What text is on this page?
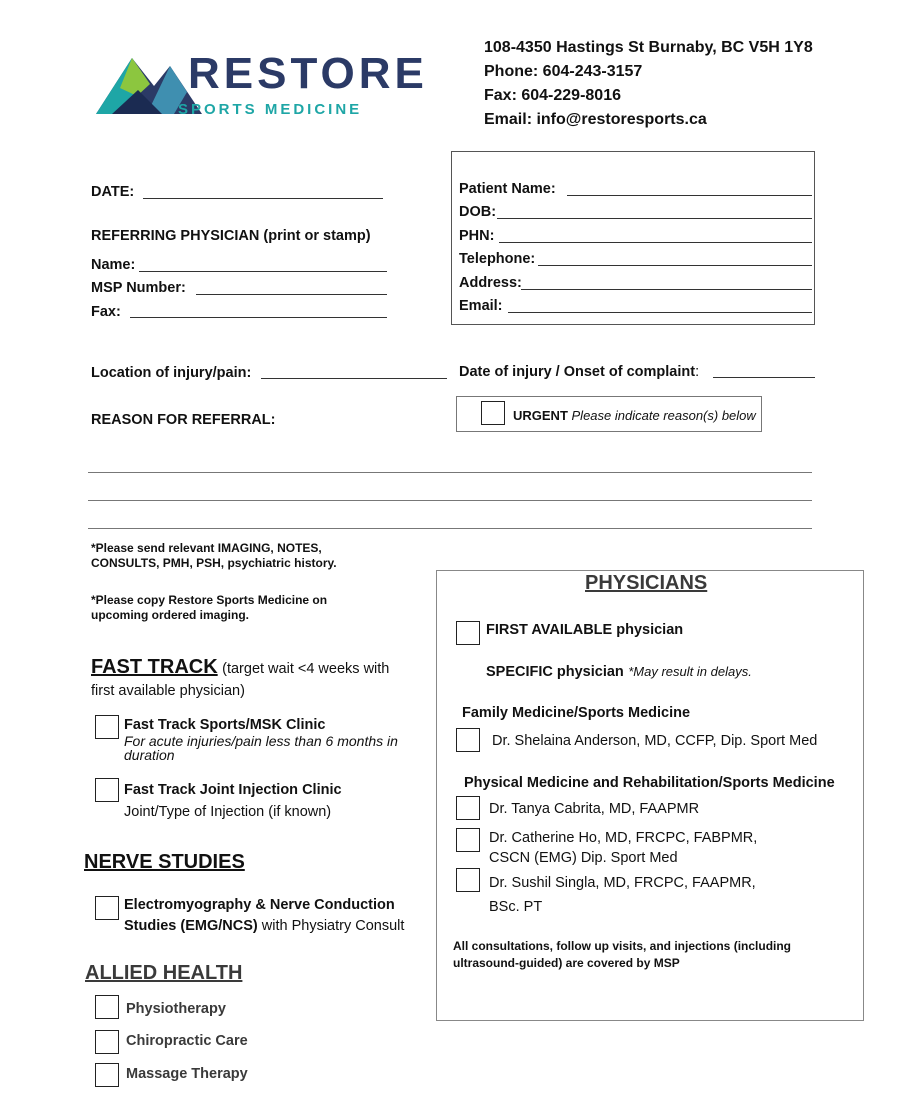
RESTORE
SPORTS MEDICINE
108-4350 Hastings St Burnaby, BC V5H 1Y8
Phone: 604-243-3157
Fax: 604-229-8016
Email: info@restoresports.ca
DATE:
REFERRING PHYSICIAN (print or stamp)
Name:
MSP Number:
Fax:
Patient Name:
DOB:
PHN:
Telephone:
Address:
Email:
Location of injury/pain:	Date of injury / Onset of complaint:
REASON FOR REFERRAL:	URGENT Please indicate reason(s) below
*Please send relevant IMAGING, NOTES,
CONSULTS, PMH, PSH, psychiatric history.
*Please copy Restore Sports Medicine on
upcoming ordered imaging.
FAST TRACK (target wait <4 weeks with
first available physician)
Fast Track Sports/MSK Clinic
For acute injuries/pain less than 6 months in
duration
Fast Track Joint Injection Clinic
Joint/Type of Injection (if known)
NERVE STUDIES
Electromyography & Nerve Conduction
Studies (EMG/NCS) with Physiatry Consult
ALLIED HEALTH
Physiotherapy
Chiropractic Care
Massage Therapy
PHYSICIANS
FIRST AVAILABLE physician
SPECIFIC physician *May result in delays.
Family Medicine/Sports Medicine
Dr. Shelaina Anderson, MD, CCFP, Dip. Sport Med
Physical Medicine and Rehabilitation/Sports Medicine
Dr. Tanya Cabrita, MD, FAAPMR
Dr. Catherine Ho, MD, FRCPC, FABPMR,
CSCN (EMG) Dip. Sport Med
Dr. Sushil Singla, MD, FRCPC, FAAPMR,
BSc. PT
All consultations, follow up visits, and injections (including
ultrasound-guided) are covered by MSP
